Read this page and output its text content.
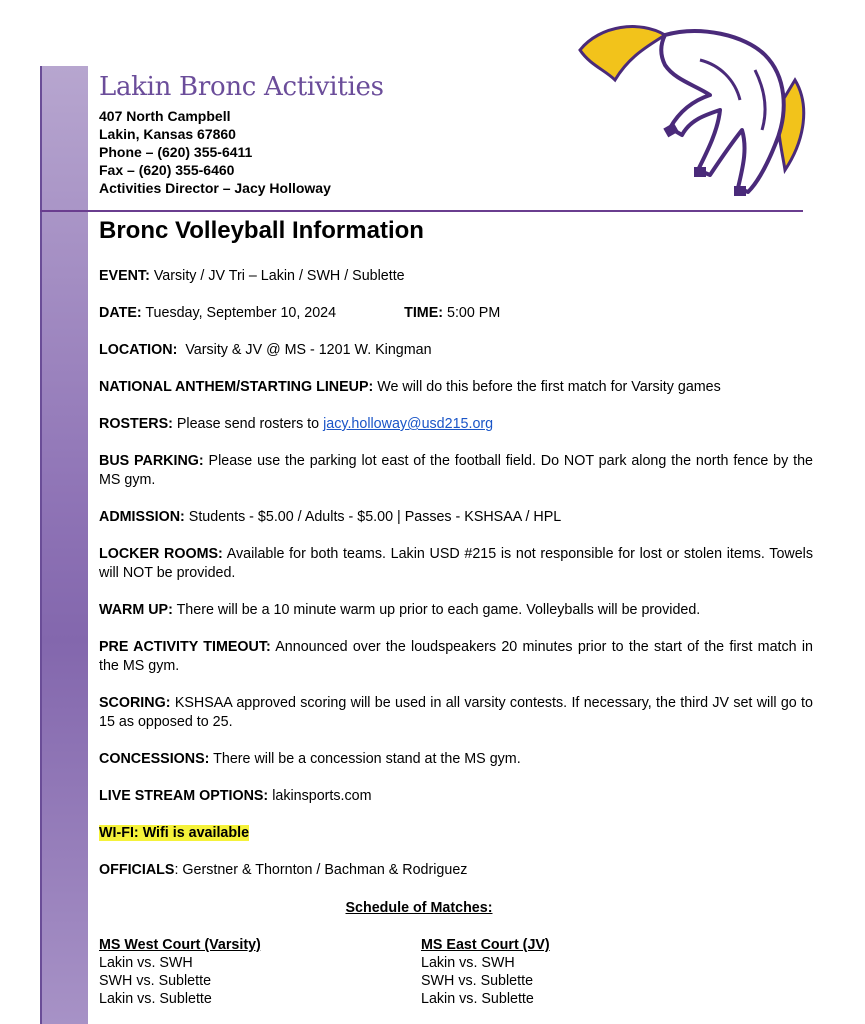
Lakin Bronc Activities
407 North Campbell
Lakin, Kansas 67860
Phone – (620) 355-6411
Fax – (620) 355-6460
Activities Director – Jacy Holloway
Bronc Volleyball Information
EVENT: Varsity / JV Tri – Lakin / SWH / Sublette
DATE: Tuesday, September 10, 2024	TIME: 5:00 PM
LOCATION: Varsity & JV @ MS - 1201 W. Kingman
NATIONAL ANTHEM/STARTING LINEUP: We will do this before the first match for Varsity games
ROSTERS: Please send rosters to jacy.holloway@usd215.org
BUS PARKING: Please use the parking lot east of the football field. Do NOT park along the north fence by the MS gym.
ADMISSION: Students - $5.00 / Adults - $5.00 | Passes - KSHSAA / HPL
LOCKER ROOMS: Available for both teams. Lakin USD #215 is not responsible for lost or stolen items. Towels will NOT be provided.
WARM UP: There will be a 10 minute warm up prior to each game. Volleyballs will be provided.
PRE ACTIVITY TIMEOUT: Announced over the loudspeakers 20 minutes prior to the start of the first match in the MS gym.
SCORING: KSHSAA approved scoring will be used in all varsity contests. If necessary, the third JV set will go to 15 as opposed to 25.
CONCESSIONS: There will be a concession stand at the MS gym.
LIVE STREAM OPTIONS: lakinsports.com
WI-FI: Wifi is available
OFFICIALS: Gerstner & Thornton / Bachman & Rodriguez
Schedule of Matches:
MS West Court (Varsity)
Lakin vs. SWH
SWH vs. Sublette
Lakin vs. Sublette
MS East Court (JV)
Lakin vs. SWH
SWH vs. Sublette
Lakin vs. Sublette
